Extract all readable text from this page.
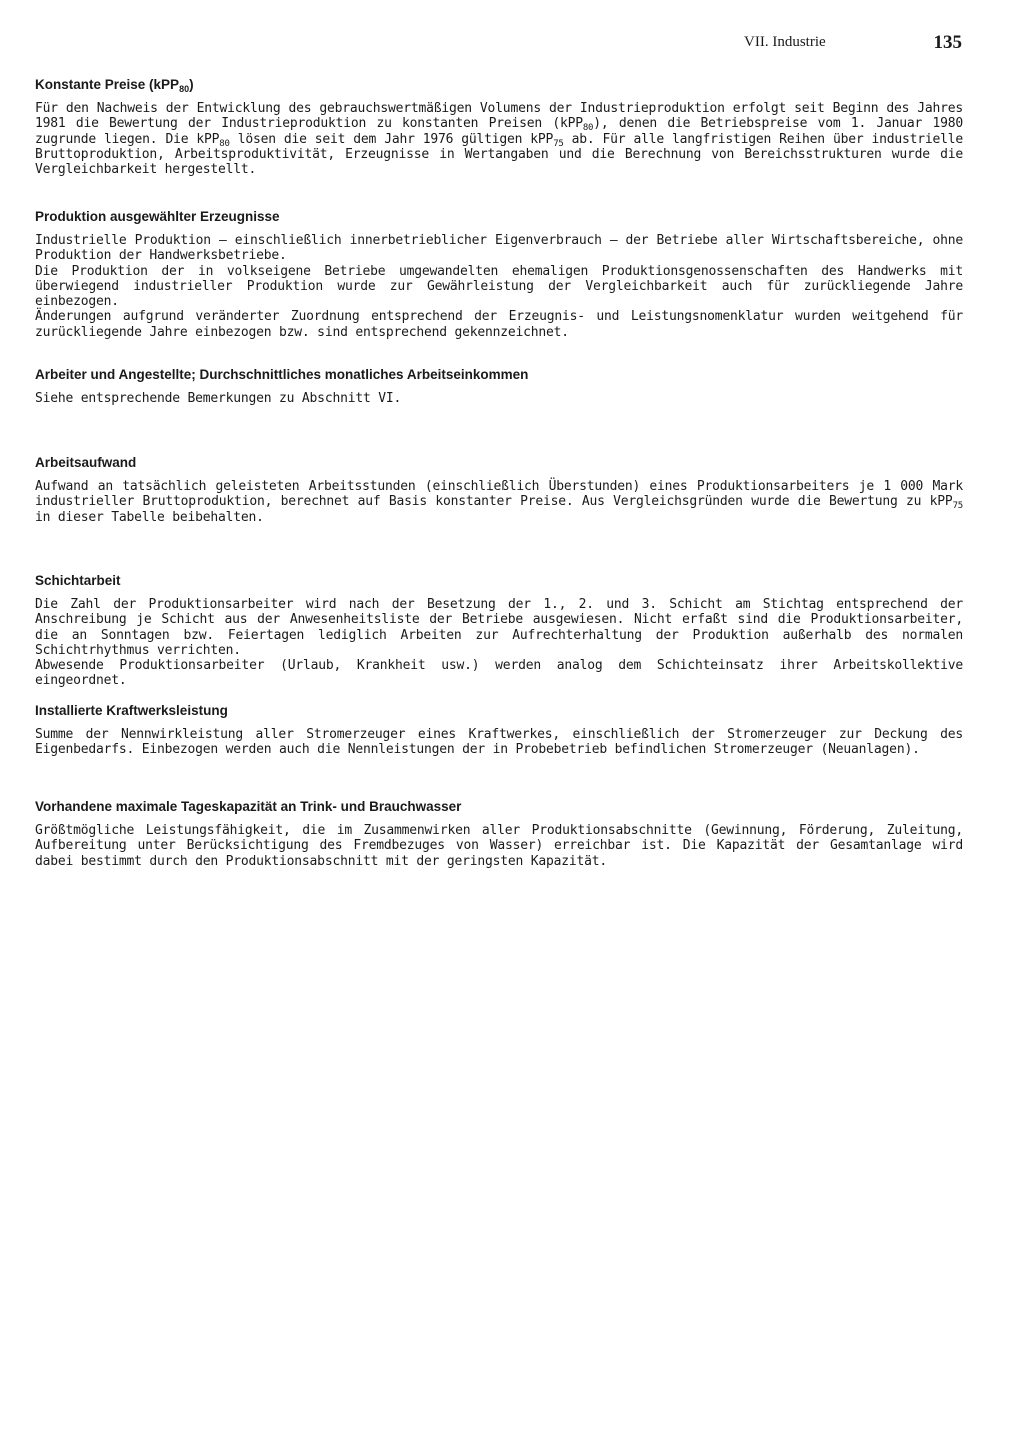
VII. Industrie	135
Konstante Preise (kPP$_{80}$)

Für den Nachweis der Entwicklung des gebrauchswertmäßigen Volumens der Industrieproduktion erfolgt seit Beginn des Jahres 1981 die Bewertung der Industrieproduktion zu konstanten Preisen (kPP$_{80}$), denen die Betriebspreise vom 1. Januar 1980 zugrunde liegen. Die kPP$_{80}$ lösen die seit dem Jahr 1976 gültigen kPP$_{75}$ ab. Für alle langfristigen Reihen über industrielle Bruttoproduktion, Arbeitsproduktivität, Erzeugnisse in Wertangaben und die Berechnung von Bereichsstrukturen wurde die Vergleichbarkeit hergestellt.

Produktion ausgewählter Erzeugnisse

Industrielle Produktion – einschließlich innerbetrieblicher Eigenverbrauch – der Betriebe aller Wirtschaftsbereiche, ohne Produktion der Handwerksbetriebe.

Die Produktion der in volkseigene Betriebe umgewandelten ehemaligen Produktionsgenossenschaften des Handwerks mit überwiegend industrieller Produktion wurde zur Gewährleistung der Vergleichbarkeit auch für zurückliegende Jahre einbezogen.

Änderungen aufgrund veränderter Zuordnung entsprechend der Erzeugnis- und Leistungsnomenklatur wurden weitgehend für zurückliegende Jahre einbezogen bzw. sind entsprechend gekennzeichnet.

Arbeiter und Angestellte; Durchschnittliches monatliches Arbeitseinkommen

Siehe entsprechende Bemerkungen zu Abschnitt VI.

Arbeitsaufwand

Aufwand an tatsächlich geleisteten Arbeitsstunden (einschließlich Überstunden) eines Produktionsarbeiters je 1 000 Mark industrieller Bruttoproduktion, berechnet auf Basis konstanter Preise. Aus Vergleichsgründen wurde die Bewertung zu kPP$_{75}$ in dieser Tabelle beibehalten.

Schichtarbeit

Die Zahl der Produktionsarbeiter wird nach der Besetzung der 1., 2. und 3. Schicht am Stichtag entsprechend der Anschreibung je Schicht aus der Anwesenheitsliste der Betriebe ausgewiesen. Nicht erfaßt sind die Produktionsarbeiter, die an Sonntagen bzw. Feiertagen lediglich Arbeiten zur Aufrechterhaltung der Produktion außerhalb des normalen Schichtrhythmus verrichten.

Abwesende Produktionsarbeiter (Urlaub, Krankheit usw.) werden analog dem Schichteinsatz ihrer Arbeitskollektive eingeordnet.

Installierte Kraftwerksleistung

Summe der Nennwirkleistung aller Stromerzeuger eines Kraftwerkes, einschließlich der Stromerzeuger zur Deckung des Eigenbedarfs. Einbezogen werden auch die Nennleistungen der in Probebetrieb befindlichen Stromerzeuger (Neuanlagen).

Vorhandene maximale Tageskapazität an Trink- und Brauchwasser

Größtmögliche Leistungsfähigkeit, die im Zusammenwirken aller Produktionsabschnitte (Gewinnung, Förderung, Zuleitung, Aufbereitung unter Berücksichtigung des Fremdbezuges von Wasser) erreichbar ist. Die Kapazität der Gesamtanlage wird dabei bestimmt durch den Produktionsabschnitt mit der geringsten Kapazität.
